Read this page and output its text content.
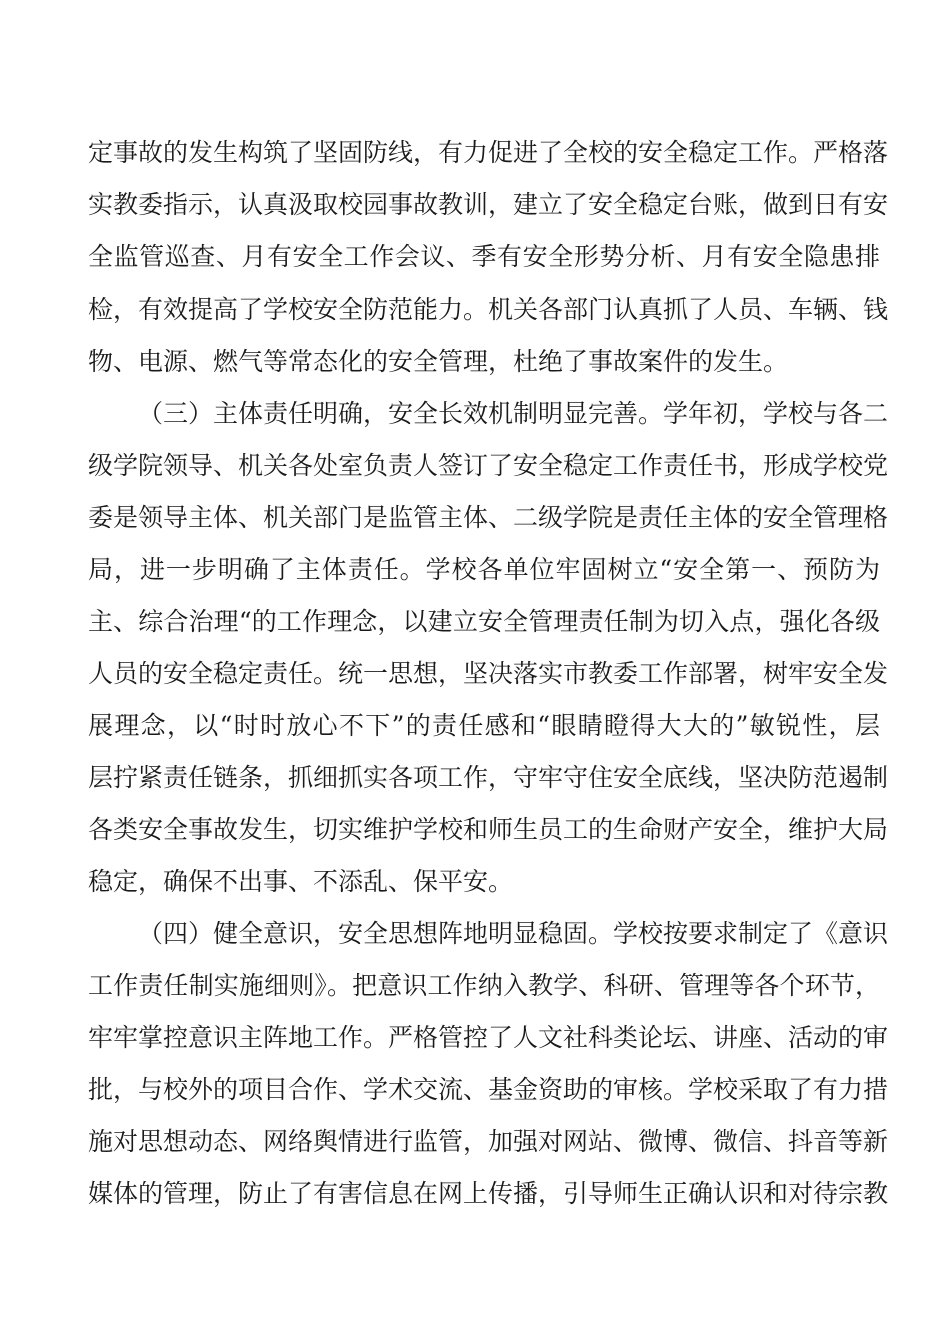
定事故的发生构筑了坚固防线，有力促进了全校的安全稳定工作。严格落
实教委指示，认真汲取校园事故教训，建立了安全稳定台账，做到日有安
全监管巡查、月有安全工作会议、季有安全形势分析、月有安全隐患排
检，有效提高了学校安全防范能力。机关各部门认真抓了人员、车辆、钱
物、电源、燃气等常态化的安全管理，杜绝了事故案件的发生。
（三）主体责任明确，安全长效机制明显完善。学年初，学校与各二
级学院领导、机关各处室负责人签订了安全稳定工作责任书，形成学校党
委是领导主体、机关部门是监管主体、二级学院是责任主体的安全管理格
局，进一步明确了主体责任。学校各单位牢固树立“安全第一、预防为
主、综合治理“的工作理念，以建立安全管理责任制为切入点，强化各级
人员的安全稳定责任。统一思想，坚决落实市教委工作部署，树牢安全发
展理念，以“时时放心不下”的责任感和“眼睛瞪得大大的”敏锐性，层
层拧紧责任链条，抓细抓实各项工作，守牢守住安全底线，坚决防范遏制
各类安全事故发生，切实维护学校和师生员工的生命财产安全，维护大局
稳定，确保不出事、不添乱、保平安。
（四）健全意识，安全思想阵地明显稳固。学校按要求制定了《意识
工作责任制实施细则》。把意识工作纳入教学、科研、管理等各个环节，
牢牢掌控意识主阵地工作。严格管控了人文社科类论坛、讲座、活动的审
批，与校外的项目合作、学术交流、基金资助的审核。学校采取了有力措
施对思想动态、网络舆情进行监管，加强对网站、微博、微信、抖音等新
媒体的管理，防止了有害信息在网上传播，引导师生正确认识和对待宗教
